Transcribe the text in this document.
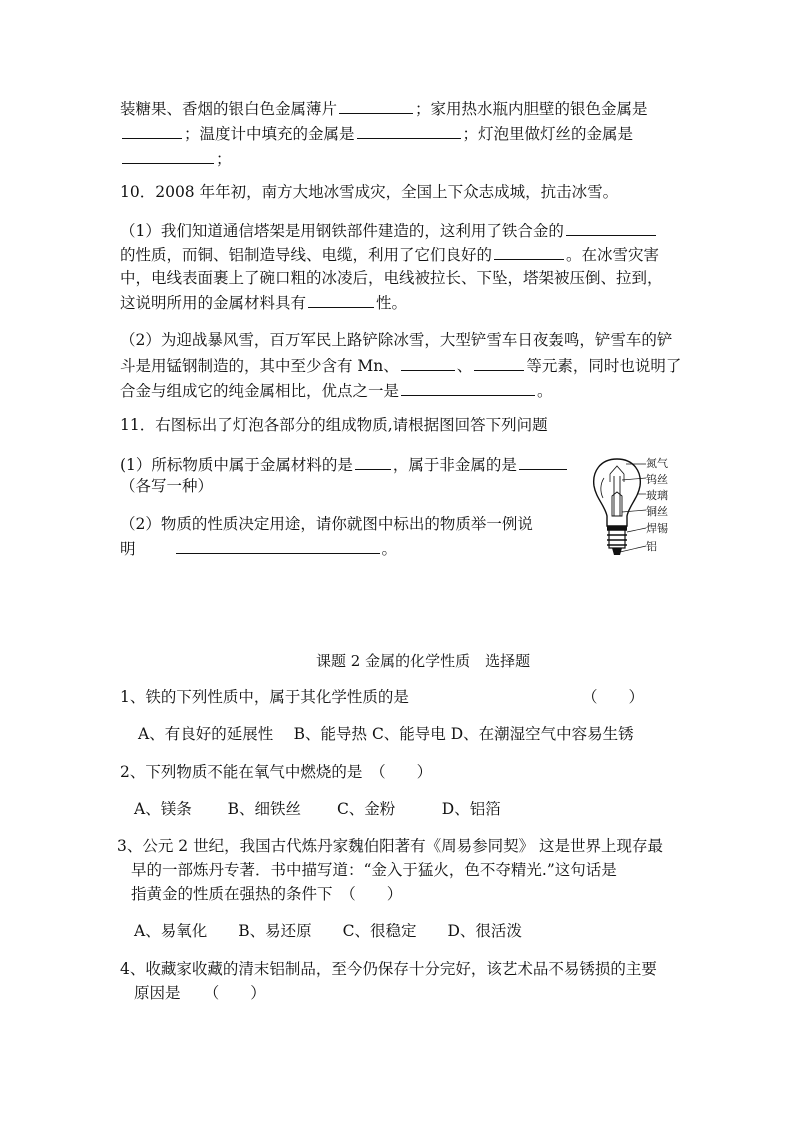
装糖果、香烟的银白色金属薄片	；家用热水瓶内胆壁的银色金属是
；温度计中填充的金属是	；灯泡里做灯丝的金属是
；
10．2008 年年初，南方大地冰雪成灾，全国上下众志成城，抗击冰雪。
（1）我们知道通信塔架是用钢铁部件建造的，这利用了铁合金的
的性质，而铜、铝制造导线、电缆，利用了它们良好的	。在冰雪灾害
中，电线表面裹上了碗口粗的冰凌后，电线被拉长、下坠，塔架被压倒、拉到，
这说明所用的金属材料具有	性。
（2）为迎战暴风雪，百万军民上路铲除冰雪，大型铲雪车日夜轰鸣，铲雪车的铲
斗是用锰钢制造的，其中至少含有 Mn、	、	等元素，同时也说明了
合金与组成它的纯金属相比，优点之一是	。
11．右图标出了灯泡各部分的组成物质,请根据图回答下列问题
(1）所标物质中属于金属材料的是	，属于非金属的是
（各写一种）
（2）物质的性质决定用途，请你就图中标出的物质举一例说
明	。
氮气
钨丝
玻璃
铜丝
焊锡
铝
课题 2 金属的化学性质　选择题
1、铁的下列性质中，属于其化学性质的是	（　　）
A、有良好的延展性　 B、能导热 C、能导电 D、在潮湿空气中容易生锈
2、下列物质不能在氧气中燃烧的是　（　　）
A、镁条　　 B、细铁丝　　 C、金粉　　　D、铝箔
3、公元 2 世纪，我国古代炼丹家魏伯阳著有《周易参同契》 这是世界上现存最
早的一部炼丹专著．书中描写道：“金入于猛火，色不夺精光.”这句话是
指黄金的性质在强热的条件下　（　　）
A、易氧化　　B、易还原　　C、很稳定　　D、很活泼
4、收藏家收藏的清末铝制品，至今仍保存十分完好，该艺术品不易锈损的主要
原因是　　（　　）
